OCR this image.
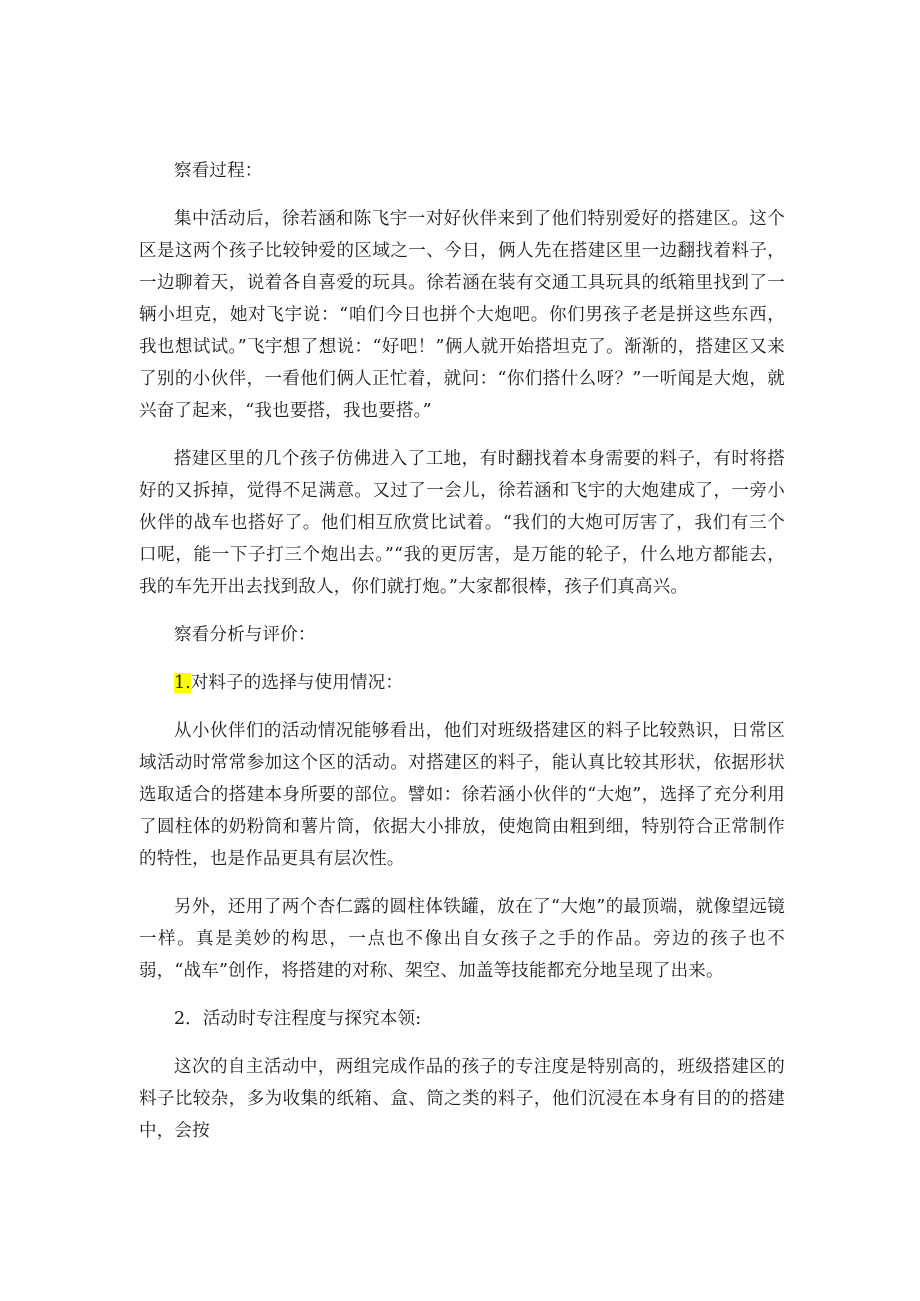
察看过程：

集中活动后，徐若涵和陈飞宇一对好伙伴来到了他们特别爱好的搭建区。这个区是这两个孩子比较钟爱的区域之一、今日，俩人先在搭建区里一边翻找着料子，一边聊着天，说着各自喜爱的玩具。徐若涵在装有交通工具玩具的纸箱里找到了一辆小坦克，她对飞宇说：“咱们今日也拼个大炮吧。你们男孩子老是拼这些东西，我也想试试。”飞宇想了想说：“好吧！”俩人就开始搭坦克了。渐渐的，搭建区又来了别的小伙伴，一看他们俩人正忙着，就问：“你们搭什么呀？”一听闻是大炮，就兴奋了起来，“我也要搭，我也要搭。”

搭建区里的几个孩子仿佛进入了工地，有时翻找着本身需要的料子，有时将搭好的又拆掉，觉得不足满意。又过了一会儿，徐若涵和飞宇的大炮建成了，一旁小伙伴的战车也搭好了。他们相互欣赏比试着。“我们的大炮可厉害了，我们有三个口呢，能一下子打三个炮出去。”“我的更厉害，是万能的轮子，什么地方都能去，我的车先开出去找到敌人，你们就打炮。”大家都很棒，孩子们真高兴。

察看分析与评价：

1.对料子的选择与使用情况：

从小伙伴们的活动情况能够看出，他们对班级搭建区的料子比较熟识，日常区域活动时常常参加这个区的活动。对搭建区的料子，能认真比较其形状，依据形状选取适合的搭建本身所要的部位。譬如：徐若涵小伙伴的“大炮”，选择了充分利用了圆柱体的奶粉筒和薯片筒，依据大小排放，使炮筒由粗到细，特别符合正常制作的特性，也是作品更具有层次性。

另外，还用了两个杏仁露的圆柱体铁罐，放在了“大炮”的最顶端，就像望远镜一样。真是美妙的构思，一点也不像出自女孩子之手的作品。旁边的孩子也不弱，“战车”创作，将搭建的对称、架空、加盖等技能都充分地呈现了出来。

2．活动时专注程度与探究本领:

这次的自主活动中，两组完成作品的孩子的专注度是特别高的，班级搭建区的料子比较杂，多为收集的纸箱、盒、筒之类的料子，他们沉浸在本身有目的的搭建中，会按
